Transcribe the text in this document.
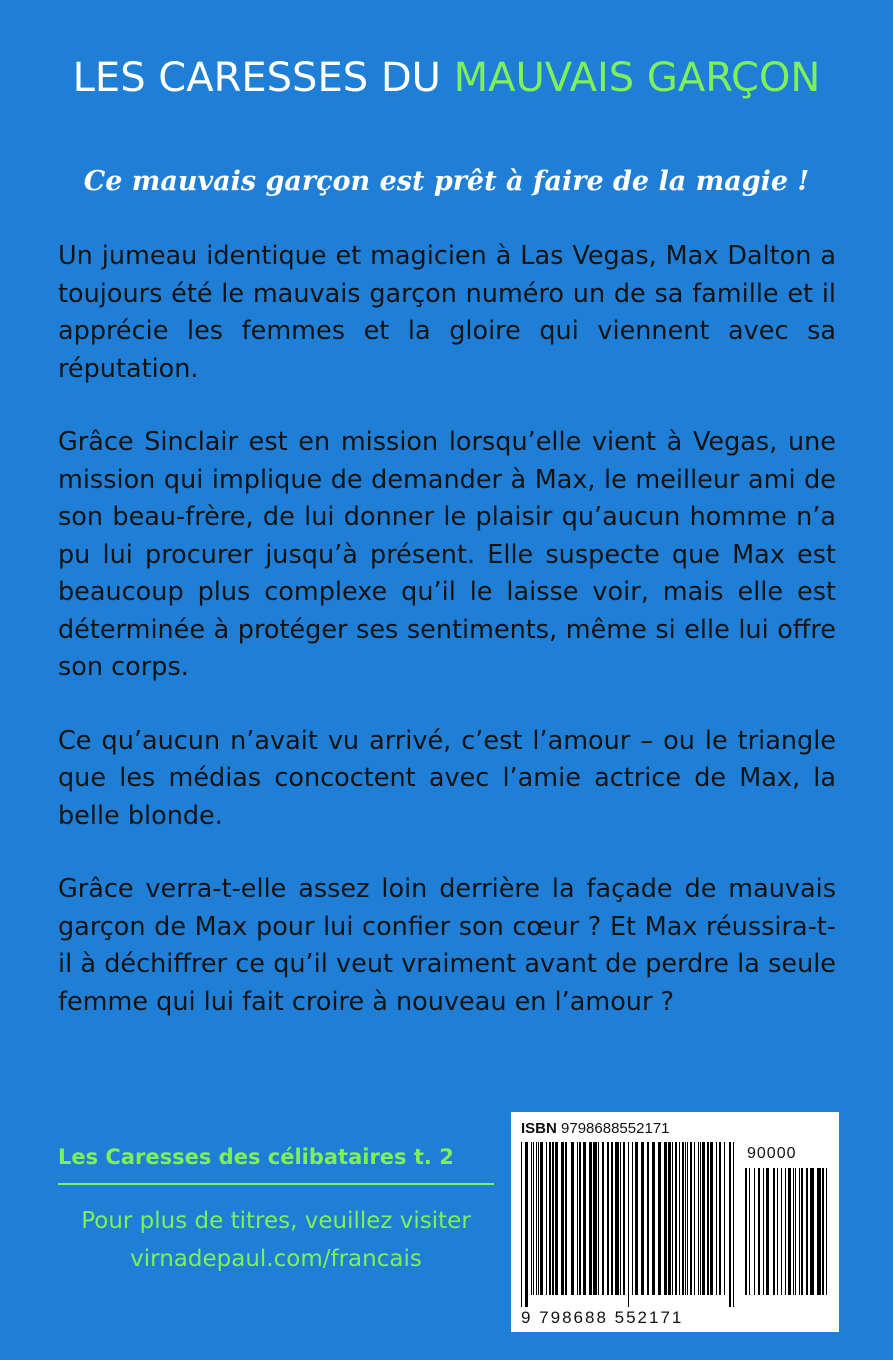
LES CARESSES DU MAUVAIS GARÇON
Ce mauvais garçon est prêt à faire de la magie !

Un jumeau identique et magicien à Las Vegas, Max Dalton a toujours été le mauvais garçon numéro un de sa famille et il apprécie les femmes et la gloire qui viennent avec sa réputation.

Grâce Sinclair est en mission lorsqu’elle vient à Vegas, une mission qui implique de demander à Max, le meilleur ami de son beau-frère, de lui donner le plaisir qu’aucun homme n’a pu lui procurer jusqu’à présent. Elle suspecte que Max est beaucoup plus complexe qu’il le laisse voir, mais elle est déterminée à protéger ses sentiments, même si elle lui offre son corps.

Ce qu’aucun n’avait vu arrivé, c’est l’amour – ou le triangle que les médias concoctent avec l’amie actrice de Max, la belle blonde.

Grâce verra-t-elle assez loin derrière la façade de mauvais garçon de Max pour lui confier son cœur ? Et Max réussira-t-il à déchiffrer ce qu’il veut vraiment avant de perdre la seule femme qui lui fait croire à nouveau en l’amour ?

Les Caresses des célibataires t. 2
Pour plus de titres, veuillez visiter
virnadepaul.com/francais
ISBN 9798688552171
90000
9 798688 552171
